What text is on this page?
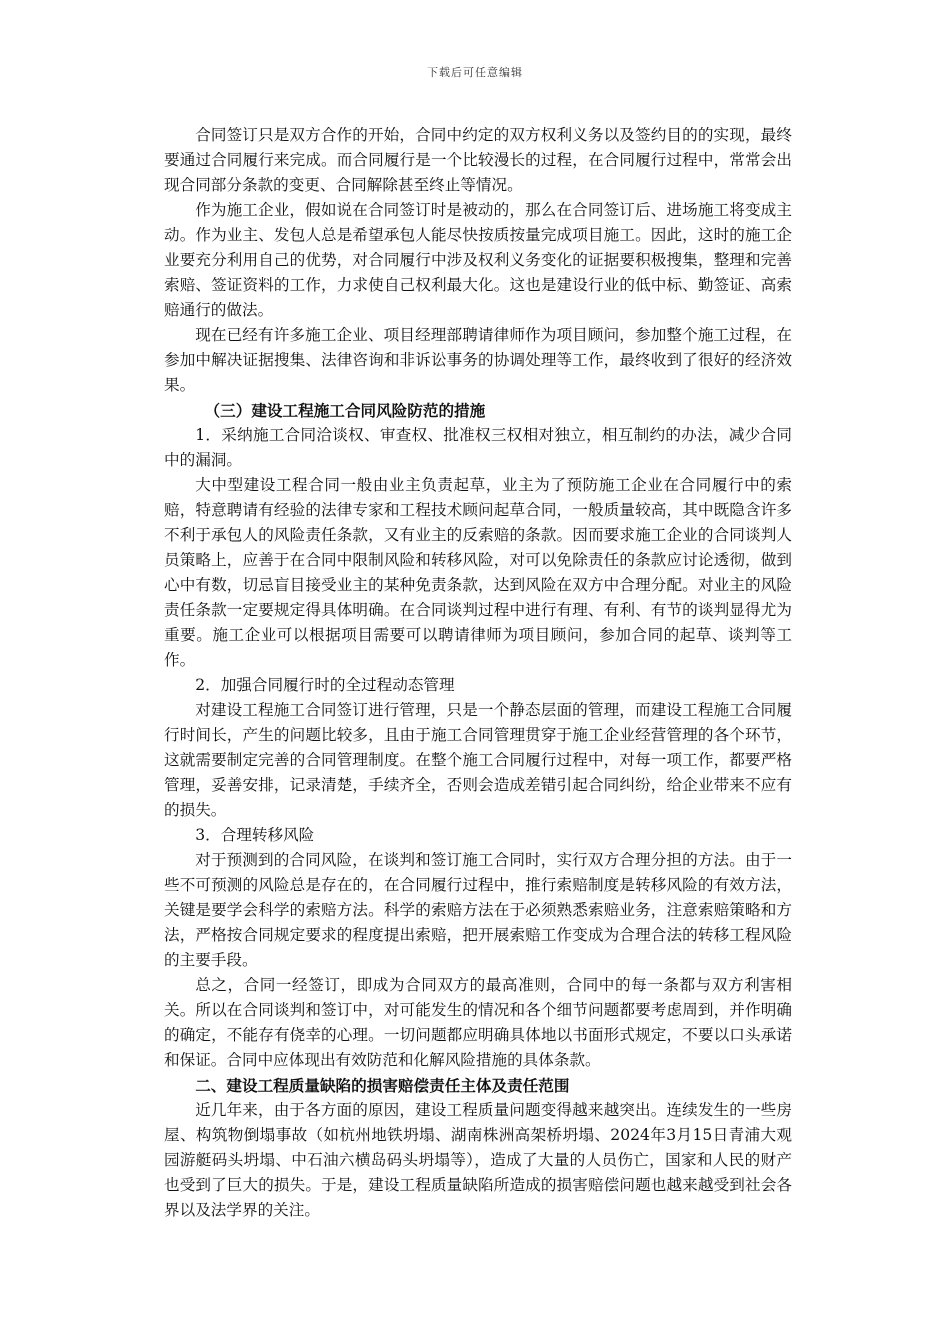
下载后可任意编辑

合同签订只是双方合作的开始，合同中约定的双方权利义务以及签约目的的实现，最终要通过合同履行来完成。而合同履行是一个比较漫长的过程，在合同履行过程中，常常会出现合同部分条款的变更、合同解除甚至终止等情况。

作为施工企业，假如说在合同签订时是被动的，那么在合同签订后、进场施工将变成主动。作为业主、发包人总是希望承包人能尽快按质按量完成项目施工。因此，这时的施工企业要充分利用自己的优势，对合同履行中涉及权利义务变化的证据要积极搜集，整理和完善索赔、签证资料的工作，力求使自己权利最大化。这也是建设行业的低中标、勤签证、高索赔通行的做法。

现在已经有许多施工企业、项目经理部聘请律师作为项目顾问，参加整个施工过程，在参加中解决证据搜集、法律咨询和非诉讼事务的协调处理等工作，最终收到了很好的经济效果。

（三）建设工程施工合同风险防范的措施

1．采纳施工合同洽谈权、审查权、批准权三权相对独立，相互制约的办法，减少合同中的漏洞。

大中型建设工程合同一般由业主负责起草，业主为了预防施工企业在合同履行中的索赔，特意聘请有经验的法律专家和工程技术顾问起草合同，一般质量较高，其中既隐含许多不利于承包人的风险责任条款，又有业主的反索赔的条款。因而要求施工企业的合同谈判人员策略上，应善于在合同中限制风险和转移风险，对可以免除责任的条款应讨论透彻，做到心中有数，切忌盲目接受业主的某种免责条款，达到风险在双方中合理分配。对业主的风险责任条款一定要规定得具体明确。在合同谈判过程中进行有理、有利、有节的谈判显得尤为重要。施工企业可以根据项目需要可以聘请律师为项目顾问，参加合同的起草、谈判等工作。

2．加强合同履行时的全过程动态管理

对建设工程施工合同签订进行管理，只是一个静态层面的管理，而建设工程施工合同履行时间长，产生的问题比较多，且由于施工合同管理贯穿于施工企业经营管理的各个环节，这就需要制定完善的合同管理制度。在整个施工合同履行过程中，对每一项工作，都要严格管理，妥善安排，记录清楚，手续齐全，否则会造成差错引起合同纠纷，给企业带来不应有的损失。

3．合理转移风险

对于预测到的合同风险，在谈判和签订施工合同时，实行双方合理分担的方法。由于一些不可预测的风险总是存在的，在合同履行过程中，推行索赔制度是转移风险的有效方法，关键是要学会科学的索赔方法。科学的索赔方法在于必须熟悉索赔业务，注意索赔策略和方法，严格按合同规定要求的程度提出索赔，把开展索赔工作变成为合理合法的转移工程风险的主要手段。

总之，合同一经签订，即成为合同双方的最高准则，合同中的每一条都与双方利害相关。所以在合同谈判和签订中，对可能发生的情况和各个细节问题都要考虑周到，并作明确的确定，不能存有侥幸的心理。一切问题都应明确具体地以书面形式规定，不要以口头承诺和保证。合同中应体现出有效防范和化解风险措施的具体条款。

二、建设工程质量缺陷的损害赔偿责任主体及责任范围

近几年来，由于各方面的原因，建设工程质量问题变得越来越突出。连续发生的一些房屋、构筑物倒塌事故（如杭州地铁坍塌、湖南株洲高架桥坍塌、2024年3月15日青浦大观园游艇码头坍塌、中石油六横岛码头坍塌等），造成了大量的人员伤亡，国家和人民的财产也受到了巨大的损失。于是，建设工程质量缺陷所造成的损害赔偿问题也越来越受到社会各界以及法学界的关注。
